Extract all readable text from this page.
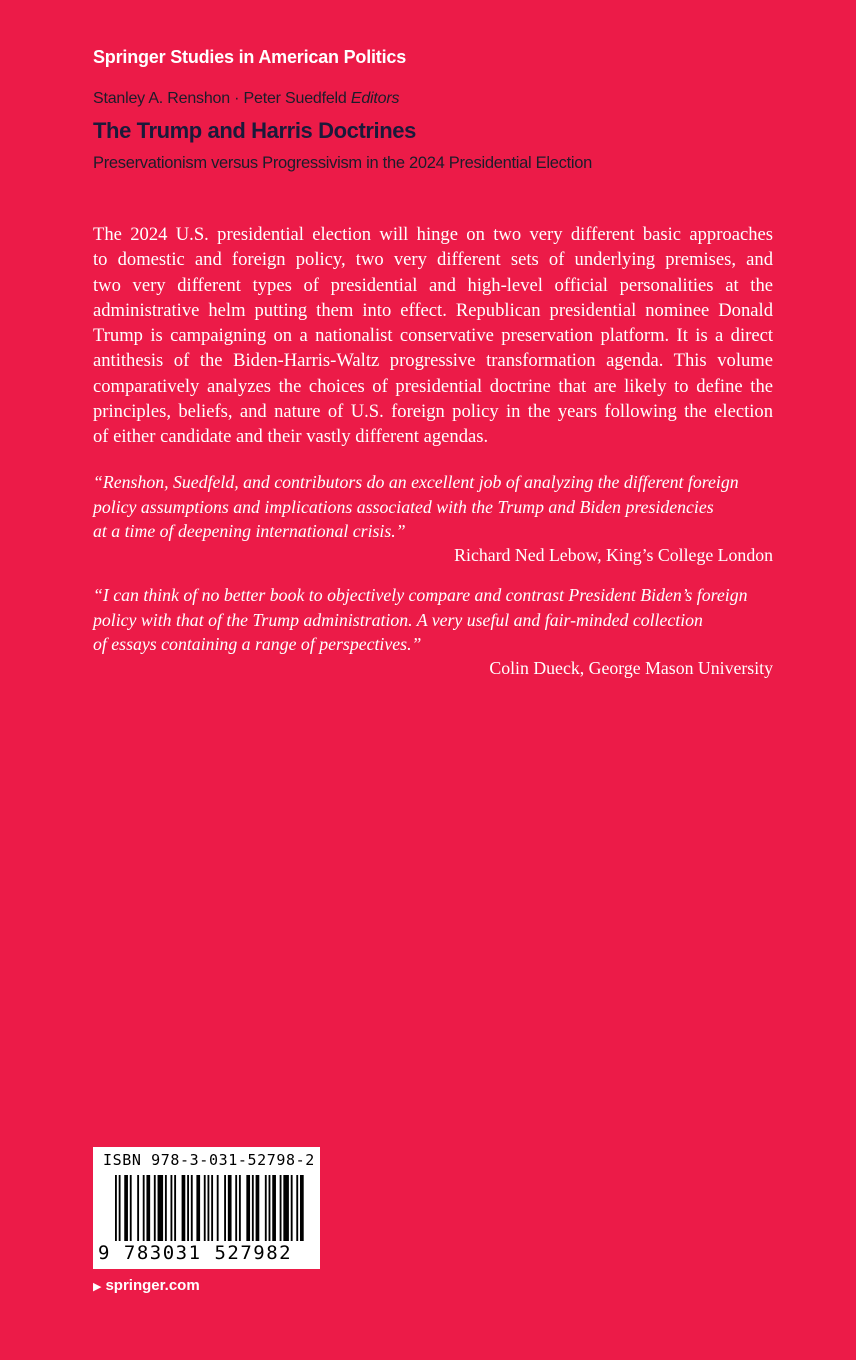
Springer Studies in American Politics
Stanley A. Renshon · Peter Suedfeld Editors
The Trump and Harris Doctrines
Preservationism versus Progressivism in the 2024 Presidential Election
The 2024 U.S. presidential election will hinge on two very different basic approaches
to domestic and foreign policy, two very different sets of underlying premises, and
two very different types of presidential and high-level official personalities at the
administrative helm putting them into effect. Republican presidential nominee Donald
Trump is campaigning on a nationalist conservative preservation platform. It is a direct
antithesis of the Biden-Harris-Waltz progressive transformation agenda. This volume
comparatively analyzes the choices of presidential doctrine that are likely to define the
principles, beliefs, and nature of U.S. foreign policy in the years following the election
of either candidate and their vastly different agendas.
“Renshon, Suedfeld, and contributors do an excellent job of analyzing the different foreign
policy assumptions and implications associated with the Trump and Biden presidencies
at a time of deepening international crisis.”
Richard Ned Lebow, King’s College London
“I can think of no better book to objectively compare and contrast President Biden’s foreign
policy with that of the Trump administration. A very useful and fair-minded collection
of essays containing a range of perspectives.”
Colin Dueck, George Mason University
ISBN 978-3-031-52798-2
9 783031 527982
▶ springer.com
